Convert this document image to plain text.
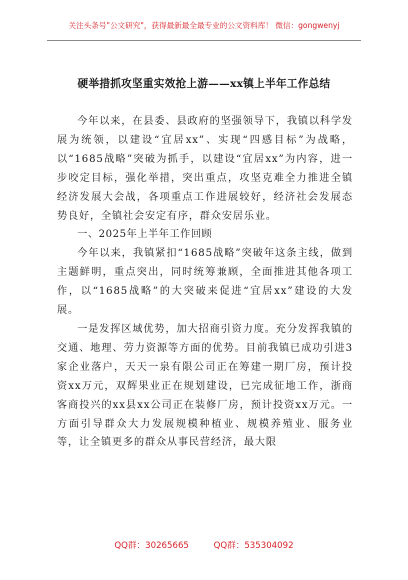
关注头条号"公文研究"，获得最新最全最专业的公文资料库！ 微信：gongwenyj
硬举措抓攻坚重实效抢上游——xx镇上半年工作总结

今年以来，在县委、县政府的坚强领导下，我镇以科学发展为统领，以建设“宜居xx”、实现“四感目标”为战略，以“1685战略”突破为抓手，以建设“宜居xx”为内容，进一步咬定目标，强化举措，突出重点，攻坚克难全力推进全镇经济发展大会战，各项重点工作进展较好，经济社会发展态势良好，全镇社会安定有序，群众安居乐业。

一、2025年上半年工作回顾

今年以来，我镇紧扣“1685战略”突破年这条主线，做到主题鲜明，重点突出，同时统筹兼顾，全面推进其他各项工作，以“1685战略”的大突破来促进“宜居xx”建设的大发展。

一是发挥区域优势，加大招商引资力度。充分发挥我镇的交通、地理、劳力资源等方面的优势。目前我镇已成功引进3家企业落户，天天一泉有限公司正在筹建一期厂房，预计投资xx万元，双辉果业正在规划建设，已完成征地工作，浙商客商投兴的xx县xx公司正在装修厂房，预计投资xx万元。一方面引导群众大力发展规模种植业、规模养殖业、服务业等，让全镇更多的群众从事民营经济，最大限

QQ群：30265665	QQ群：535304092
